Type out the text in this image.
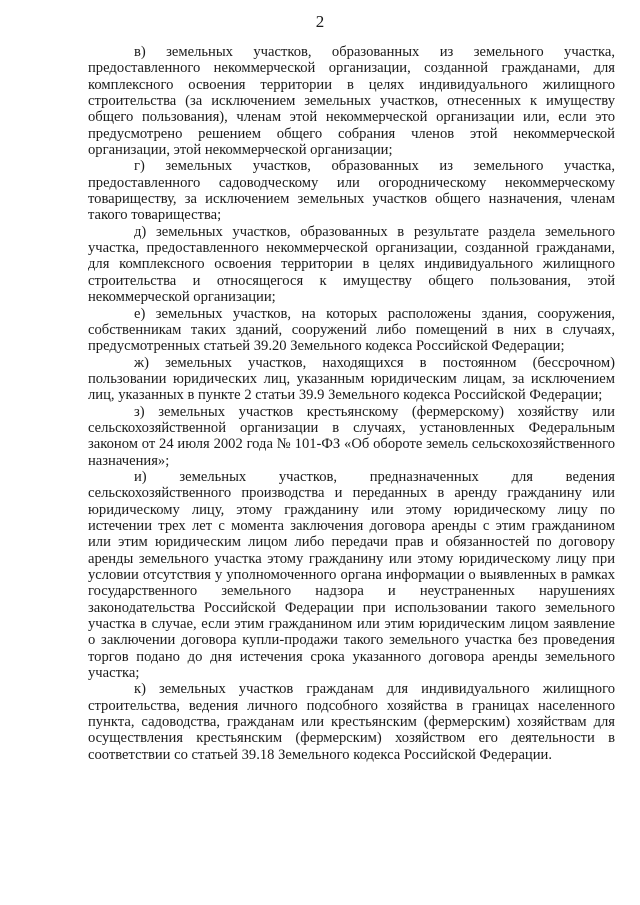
2

в) земельных участков, образованных из земельного участка, предоставленного некоммерческой организации, созданной гражданами, для комплексного освоения территории в целях индивидуального жилищного строительства (за исключением земельных участков, отнесенных к имуществу общего пользования), членам этой некоммерческой организации или, если это предусмотрено решением общего собрания членов этой некоммерческой организации, этой некоммерческой организации;

г) земельных участков, образованных из земельного участка, предоставленного садоводческому или огородническому некоммерческому товариществу, за исключением земельных участков общего назначения, членам такого товарищества;

д) земельных участков, образованных в результате раздела земельного участка, предоставленного некоммерческой организации, созданной гражданами, для комплексного освоения территории в целях индивидуального жилищного строительства и относящегося к имуществу общего пользования, этой некоммерческой организации;

е) земельных участков, на которых расположены здания, сооружения, собственникам таких зданий, сооружений либо помещений в них в случаях, предусмотренных статьей 39.20 Земельного кодекса Российской Федерации;

ж) земельных участков, находящихся в постоянном (бессрочном) пользовании юридических лиц, указанным юридическим лицам, за исключением лиц, указанных в пункте 2 статьи 39.9 Земельного кодекса Российской Федерации;

з) земельных участков крестьянскому (фермерскому) хозяйству или сельскохозяйственной организации в случаях, установленных Федеральным законом от 24 июля 2002 года № 101-ФЗ «Об обороте земель сельскохозяйственного назначения»;

и) земельных участков, предназначенных для ведения сельскохозяйственного производства и переданных в аренду гражданину или юридическому лицу, этому гражданину или этому юридическому лицу по истечении трех лет с момента заключения договора аренды с этим гражданином или этим юридическим лицом либо передачи прав и обязанностей по договору аренды земельного участка этому гражданину или этому юридическому лицу при условии отсутствия у уполномоченного органа информации о выявленных в рамках государственного земельного надзора и неустраненных нарушениях законодательства Российской Федерации при использовании такого земельного участка в случае, если этим гражданином или этим юридическим лицом заявление о заключении договора купли-продажи такого земельного участка без проведения торгов подано до дня истечения срока указанного договора аренды земельного участка;

к) земельных участков гражданам для индивидуального жилищного строительства, ведения личного подсобного хозяйства в границах населенного пункта, садоводства, гражданам или крестьянским (фермерским) хозяйствам для осуществления крестьянским (фермерским) хозяйством его деятельности в соответствии со статьей 39.18 Земельного кодекса Российской Федерации.
